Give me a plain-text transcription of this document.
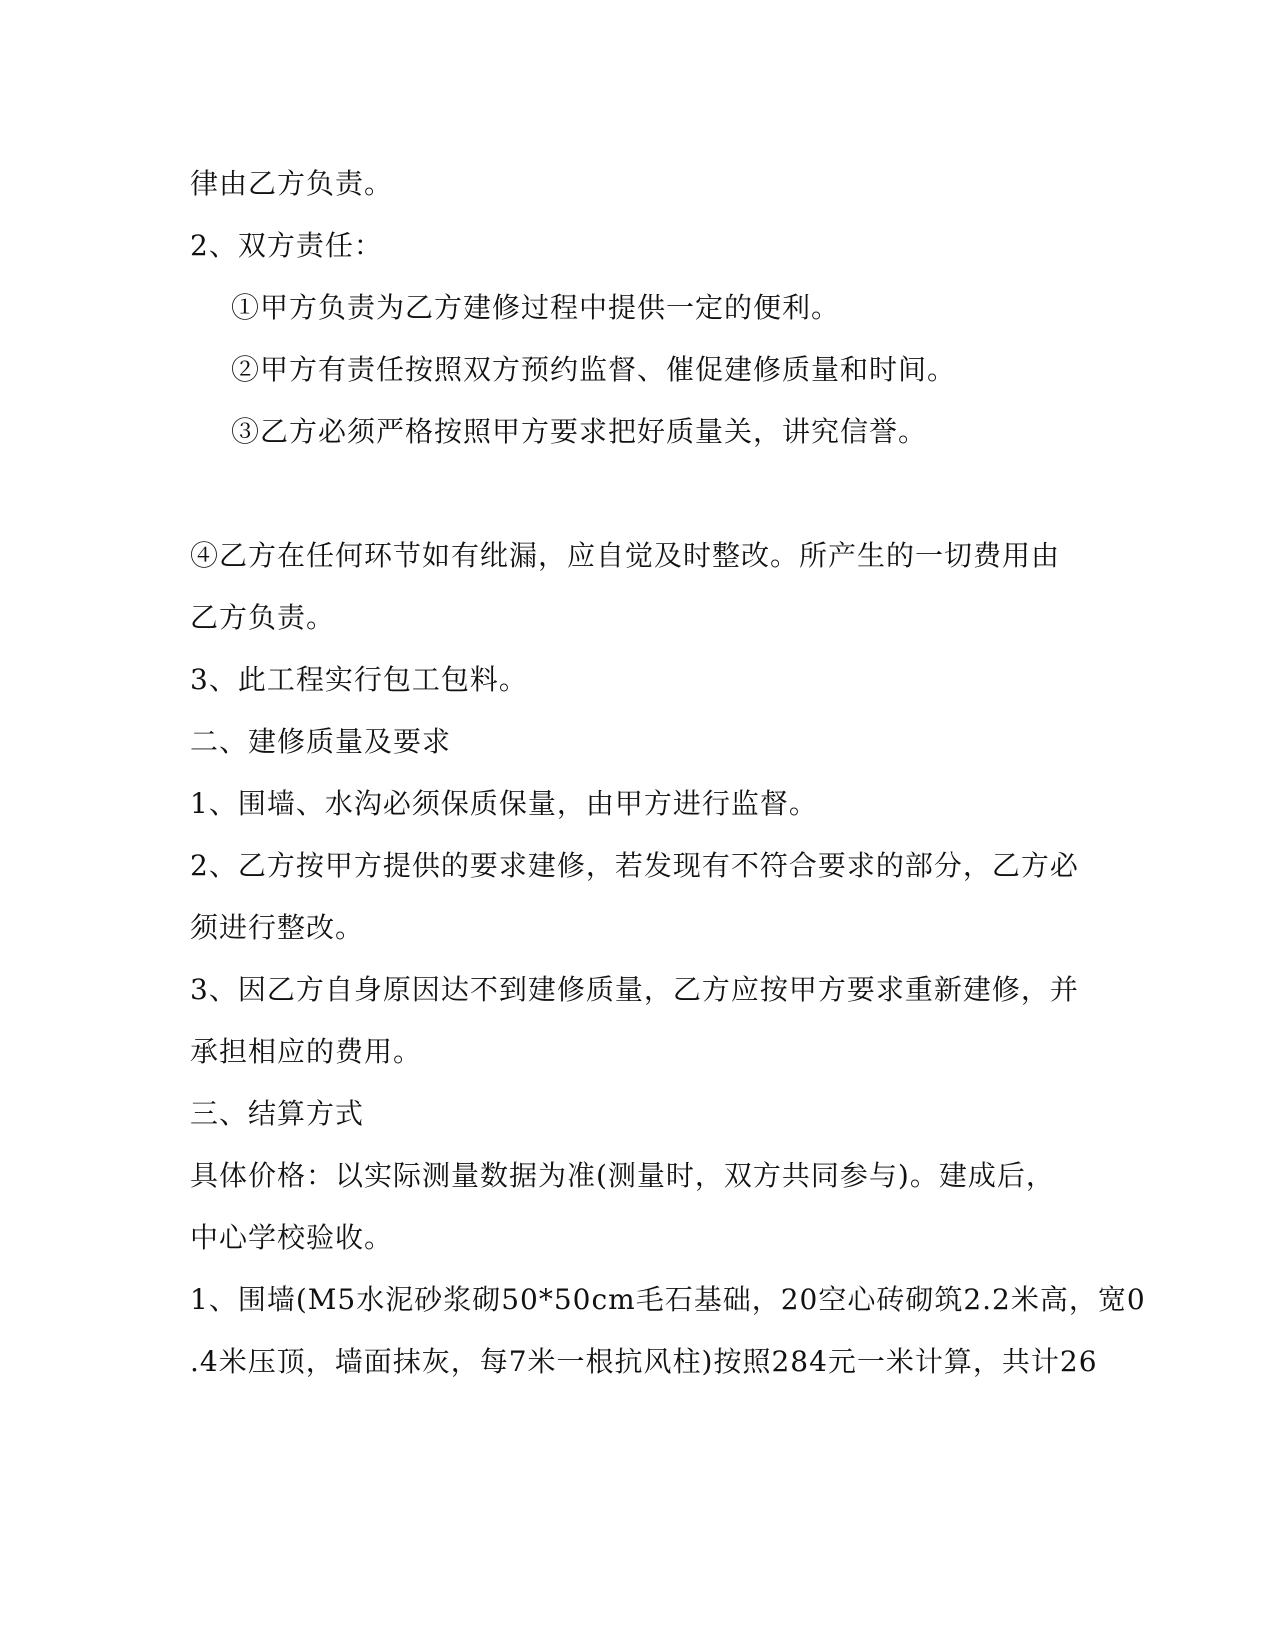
律由乙方负责。
2、双方责任：
①甲方负责为乙方建修过程中提供一定的便利。
②甲方有责任按照双方预约监督、催促建修质量和时间。
③乙方必须严格按照甲方要求把好质量关，讲究信誉。
④乙方在任何环节如有纰漏，应自觉及时整改。所产生的一切费用由
乙方负责。
3、此工程实行包工包料。
二、建修质量及要求
1、围墙、水沟必须保质保量，由甲方进行监督。
2、乙方按甲方提供的要求建修，若发现有不符合要求的部分，乙方必
须进行整改。
3、因乙方自身原因达不到建修质量，乙方应按甲方要求重新建修，并
承担相应的费用。
三、结算方式
具体价格：以实际测量数据为准(测量时，双方共同参与)。建成后，
中心学校验收。
1、围墙(M5水泥砂浆砌50*50cm毛石基础，20空心砖砌筑2.2米高，宽0
.4米压顶，墙面抹灰，每7米一根抗风柱)按照284元一米计算，共计26
